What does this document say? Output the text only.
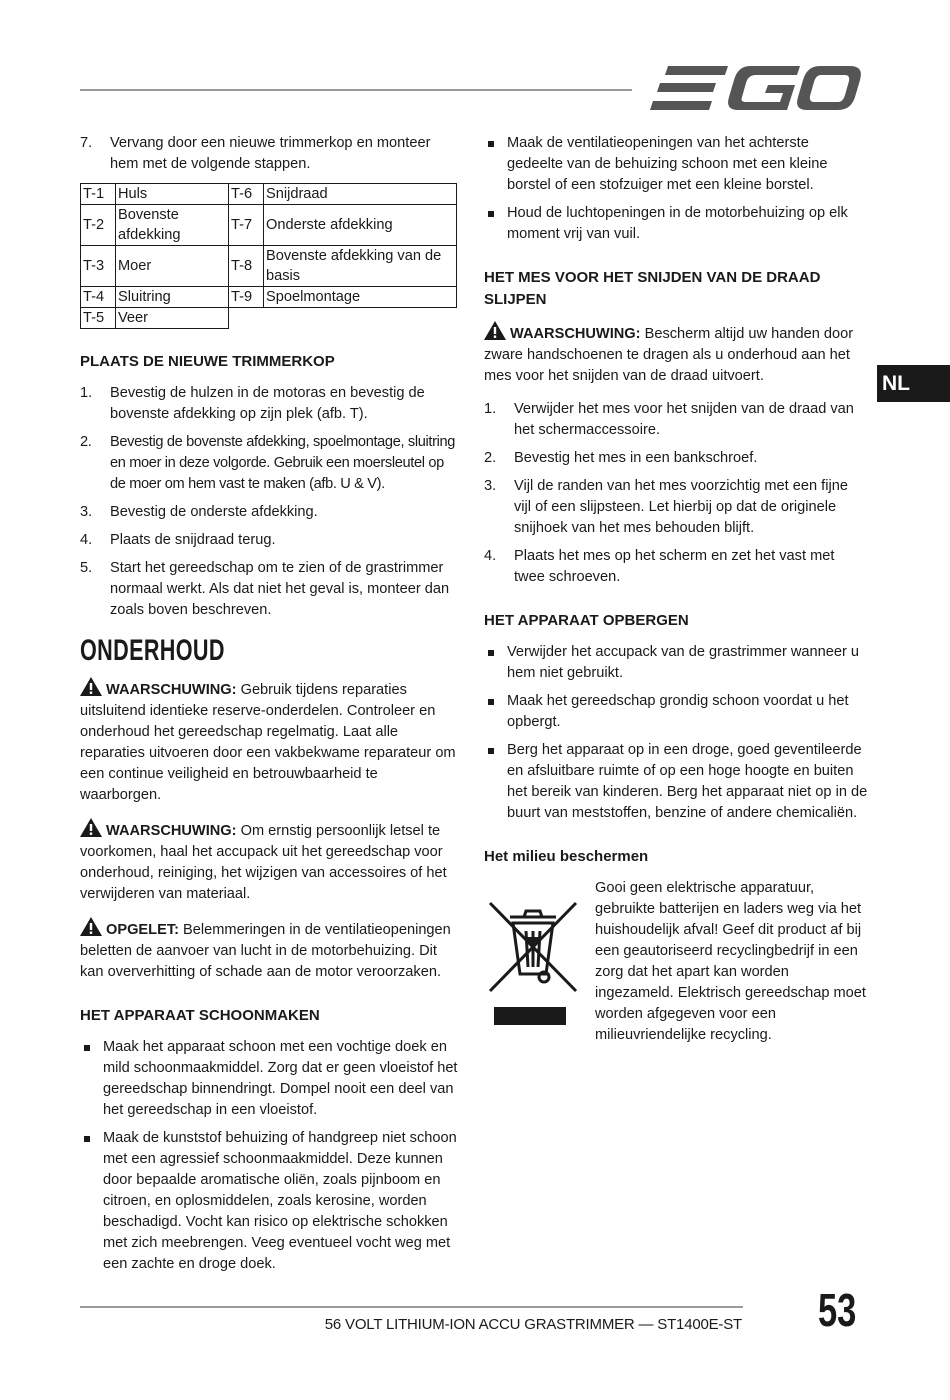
NL
7.	Vervang door een nieuwe trimmerkop en monteer hem met de volgende stappen.
T-1	Huls	T-6	Snijdraad
T-2	Bovenste afdekking	T-7	Onderste afdekking
T-3	Moer	T-8	Bovenste afdekking van de basis
T-4	Sluitring	T-9	Spoelmontage
T-5	Veer		
PLAATS DE NIEUWE TRIMMERKOP
1.	Bevestig de hulzen in de motoras en bevestig de bovenste afdekking op zijn plek (afb. T).
2.	Bevestig de bovenste afdekking, spoelmontage, sluitring en moer in deze volgorde. Gebruik een moersleutel op de moer om hem vast te maken (afb. U & V).
3.	Bevestig de onderste afdekking.
4.	Plaats de snijdraad terug.
5.	Start het gereedschap om te zien of de grastrimmer normaal werkt. Als dat niet het geval is, monteer dan zoals boven beschreven.
ONDERHOUD

WAARSCHUWING: Gebruik tijdens reparaties uitsluitend identieke reserve-onderdelen. Controleer en onderhoud het gereedschap regelmatig. Laat alle reparaties uitvoeren door een vakbekwame reparateur om een continue veiligheid en betrouwbaarheid te waarborgen.

WAARSCHUWING: Om ernstig persoonlijk letsel te voorkomen, haal het accupack uit het gereedschap voor onderhoud, reiniging, het wijzigen van accessoires of het verwijderen van materiaal.

OPGELET: Belemmeringen in de ventilatieopeningen beletten de aanvoer van lucht in de motorbehuizing. Dit kan oververhitting of schade aan de motor veroorzaken.

HET APPARAAT SCHOONMAKEN
Maak het apparaat schoon met een vochtige doek en mild schoonmaakmiddel. Zorg dat er geen vloeistof het gereedschap binnendringt. Dompel nooit een deel van het gereedschap in een vloeistof.
Maak de kunststof behuizing of handgreep niet schoon met een agressief schoonmaakmiddel. Deze kunnen door bepaalde aromatische oliën, zoals pijnboom en citroen, en oplosmiddelen, zoals kerosine, worden beschadigd. Vocht kan risico op elektrische schokken met zich meebrengen. Veeg eventueel vocht weg met een zachte en droge doek.
Maak de ventilatieopeningen van het achterste gedeelte van de behuizing schoon met een kleine borstel of een stofzuiger met een kleine borstel.
Houd de luchtopeningen in de motorbehuizing op elk moment vrij van vuil.
HET MES VOOR HET SNIJDEN VAN DE DRAAD SLIJPEN

WAARSCHUWING: Bescherm altijd uw handen door zware handschoenen te dragen als u onderhoud aan het mes voor het snijden van de draad uitvoert.

1.	Verwijder het mes voor het snijden van de draad van het schermaccessoire.
2.	Bevestig het mes in een bankschroef.
3.	Vijl de randen van het mes voorzichtig met een fijne vijl of een slijpsteen. Let hierbij op dat de originele snijhoek van het mes behouden blijft.
4.	Plaats het mes op het scherm en zet het vast met twee schroeven.
HET APPARAAT OPBERGEN
Verwijder het accupack van de grastrimmer wanneer u hem niet gebruikt.
Maak het gereedschap grondig schoon voordat u het opbergt.
Berg het apparaat op in een droge, goed geventileerde en afsluitbare ruimte of op een hoge hoogte en buiten het bereik van kinderen. Berg het apparaat niet op in de buurt van meststoffen, benzine of andere chemicaliën.
Het milieu beschermen
Gooi geen elektrische apparatuur, gebruikte batterijen en laders weg via het huishoudelijk afval! Geef dit product af bij een geautoriseerd recyclingbedrijf in een zorg dat het apart kan worden ingezameld. Elektrisch gereedschap moet worden afgegeven voor een milieuvriendelijke recycling.
56 VOLT LITHIUM-ION ACCU GRASTRIMMER — ST1400E-ST 53
